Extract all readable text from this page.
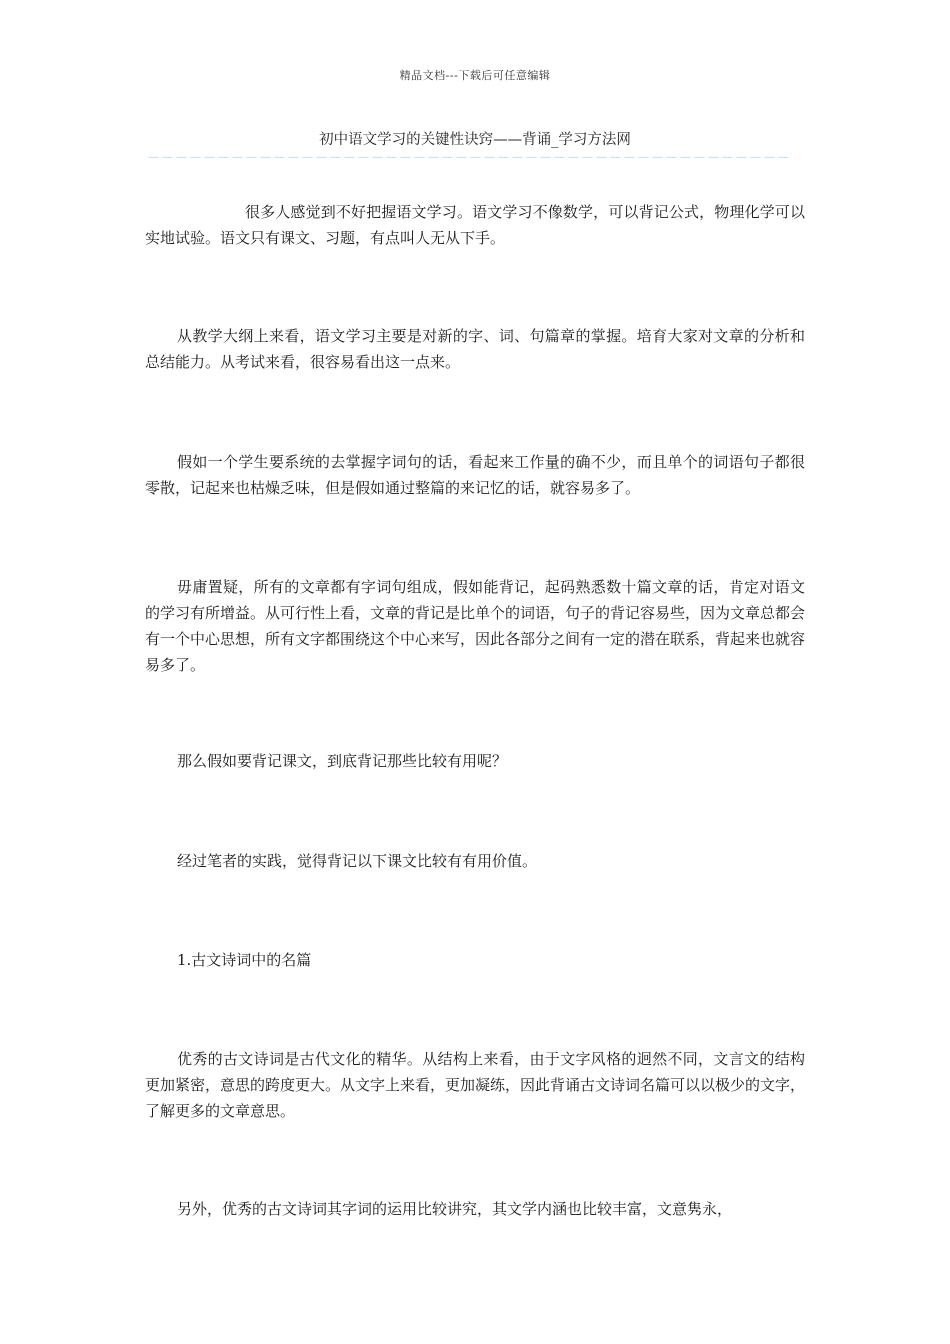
精品文档---下载后可任意编辑
初中语文学习的关键性诀窍——背诵_学习方法网
－－－－－－－－－－－－－－－－－－－－－－－－－－－－－－－－－－－－－－－－－－－－－－

很多人感觉到不好把握语文学习。语文学习不像数学，可以背记公式，物理化学可以实地试验。语文只有课文、习题，有点叫人无从下手。

从教学大纲上来看，语文学习主要是对新的字、词、句篇章的掌握。培育大家对文章的分析和总结能力。从考试来看，很容易看出这一点来。

假如一个学生要系统的去掌握字词句的话，看起来工作量的确不少，而且单个的词语句子都很零散，记起来也枯燥乏味，但是假如通过整篇的来记忆的话，就容易多了。

毋庸置疑，所有的文章都有字词句组成，假如能背记，起码熟悉数十篇文章的话，肯定对语文的学习有所增益。从可行性上看，文章的背记是比单个的词语，句子的背记容易些，因为文章总都会有一个中心思想，所有文字都围绕这个中心来写，因此各部分之间有一定的潜在联系，背起来也就容易多了。

那么假如要背记课文，到底背记那些比较有用呢？

经过笔者的实践，觉得背记以下课文比较有有用价值。

1.古文诗词中的名篇

优秀的古文诗词是古代文化的精华。从结构上来看，由于文字风格的迥然不同，文言文的结构更加紧密，意思的跨度更大。从文字上来看，更加凝练，因此背诵古文诗词名篇可以以极少的文字，了解更多的文章意思。

另外，优秀的古文诗词其字词的运用比较讲究，其文学内涵也比较丰富，文意隽永，
